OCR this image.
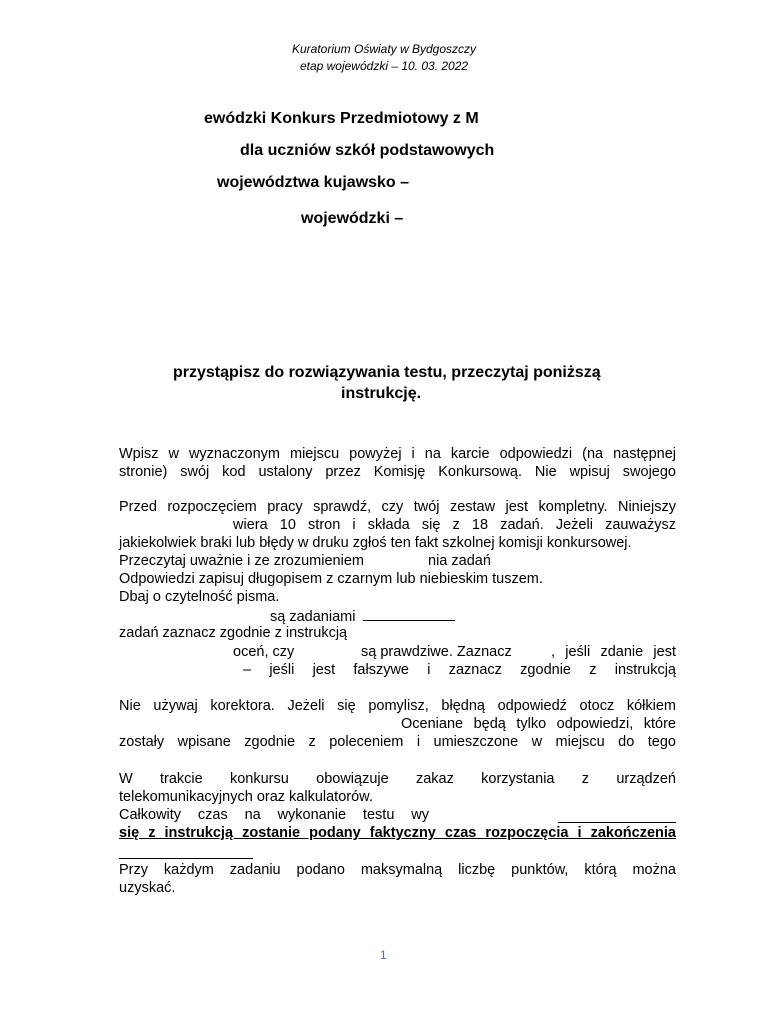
Kuratorium Oświaty w Bydgoszczy
etap wojewódzki – 10. 03. 2022
ewódzki Konkurs Przedmiotowy z M
dla uczniów szkół podstawowych
województwa kujawsko –
wojewódzki –
przystąpisz do rozwiązywania testu, przeczytaj poniższą
instrukcję.
Wpisz w wyznaczonym miejscu powyżej i na karcie odpowiedzi (na następnej
stronie) swój kod ustalony przez Komisję Konkursową. Nie wpisuj swojego
Przed rozpoczęciem pracy sprawdź, czy twój zestaw jest kompletny. Niniejszy
wiera 10 stron i składa się z 18 zadań. Jeżeli zauważysz
jakiekolwiek braki lub błędy w druku zgłoś ten fakt szkolnej komisji konkursowej.
Przeczytaj uważnie i ze zrozumieniem	nia zadań
Odpowiedzi zapisuj długopisem z czarnym lub niebieskim tuszem.
Dbaj o czytelność pisma.
są zadaniami
zadań zaznacz zgodnie z instrukcją
oceń, czy	są prawdziwe. Zaznacz	, jeśli zdanie jest
– jeśli jest fałszywe i zaznacz zgodnie z instrukcją
Nie używaj korektora. Jeżeli się pomylisz, błędną odpowiedź otocz kółkiem
Oceniane będą tylko odpowiedzi, które
zostały wpisane zgodnie z poleceniem i umieszczone w miejscu do tego
W trakcie konkursu obowiązuje zakaz korzystania z urządzeń
telekomunikacyjnych oraz kalkulatorów.
Całkowity czas na wykonanie testu wy
się z instrukcją zostanie podany faktyczny czas rozpoczęcia i zakończenia
Przy każdym zadaniu podano maksymalną liczbę punktów, którą można
uzyskać.
1
